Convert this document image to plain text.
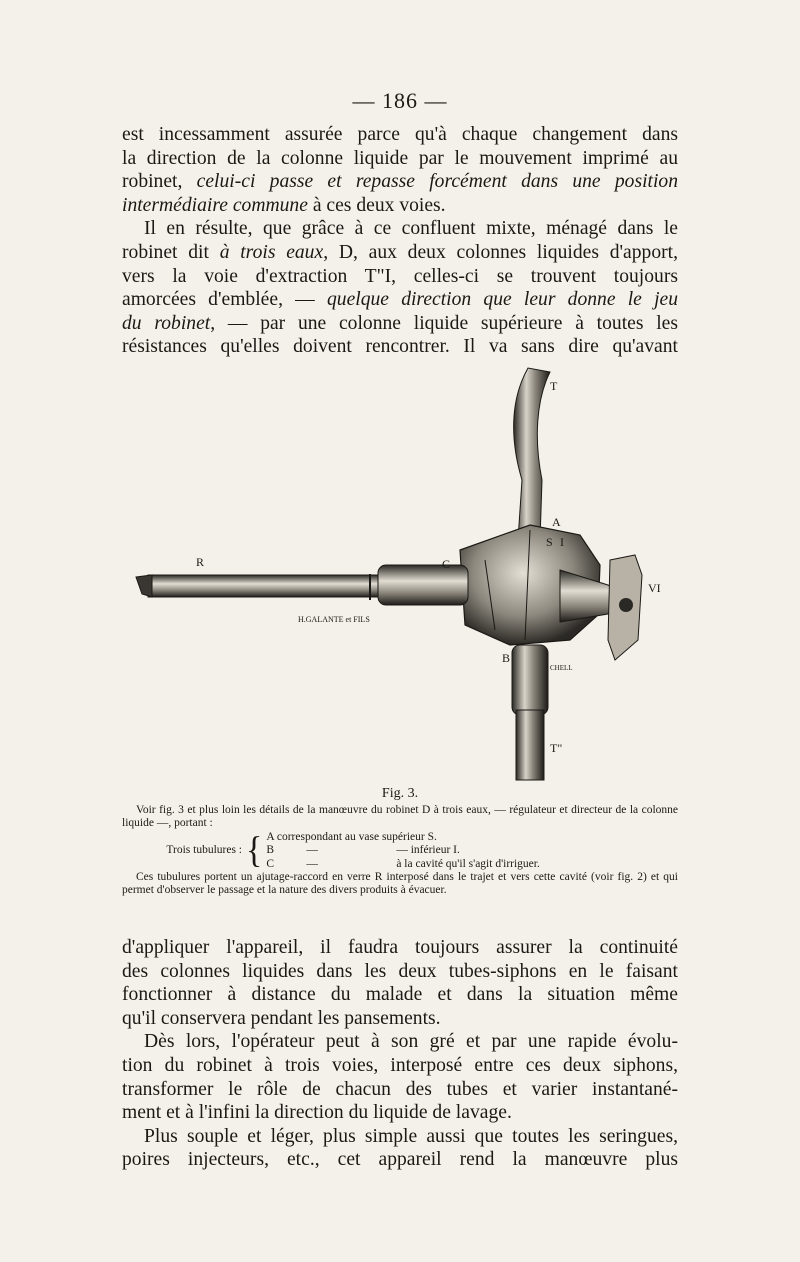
— 186 —
est incessamment assurée parce qu'à chaque changement dans
la direction de la colonne liquide par le mouvement imprimé au
robinet, celui-ci passe et repasse forcément dans une position
intermédiaire commune à ces deux voies.
Il en résulte, que grâce à ce confluent mixte, ménagé dans le
robinet dit à trois eaux, D, aux deux colonnes liquides d'apport,
vers la voie d'extraction T"I, celles-ci se trouvent toujours
amorcées d'emblée, — quelque direction que leur donne le jeu
du robinet, — par une colonne liquide supérieure à toutes les
résistances qu'elles doivent rencontrer. Il va sans dire qu'avant
T
A
S I
R	C
VI
B
T"
H.GALANTE et FILS
CHELL
Fig. 3.

Voir fig. 3 et plus loin les détails de la manœuvre du robinet D à trois eaux, — régulateur et directeur de la colonne liquide —, portant :

Trois tubulures : { A correspondant au vase supérieur S.
B	—	— inférieur I.
C	—	à la cavité qu'il s'agit d'irriguer.

Ces tubulures portent un ajutage-raccord en verre R interposé dans le trajet et vers cette cavité (voir fig. 2) et qui permet d'observer le passage et la nature des divers produits à évacuer.

d'appliquer l'appareil, il faudra toujours assurer la continuité
des colonnes liquides dans les deux tubes-siphons en le faisant
fonctionner à distance du malade et dans la situation même
qu'il conservera pendant les pansements.
Dès lors, l'opérateur peut à son gré et par une rapide évolu-
tion du robinet à trois voies, interposé entre ces deux siphons,
transformer le rôle de chacun des tubes et varier instantané-
ment et à l'infini la direction du liquide de lavage.
Plus souple et léger, plus simple aussi que toutes les seringues,
poires injecteurs, etc., cet appareil rend la manœuvre plus
